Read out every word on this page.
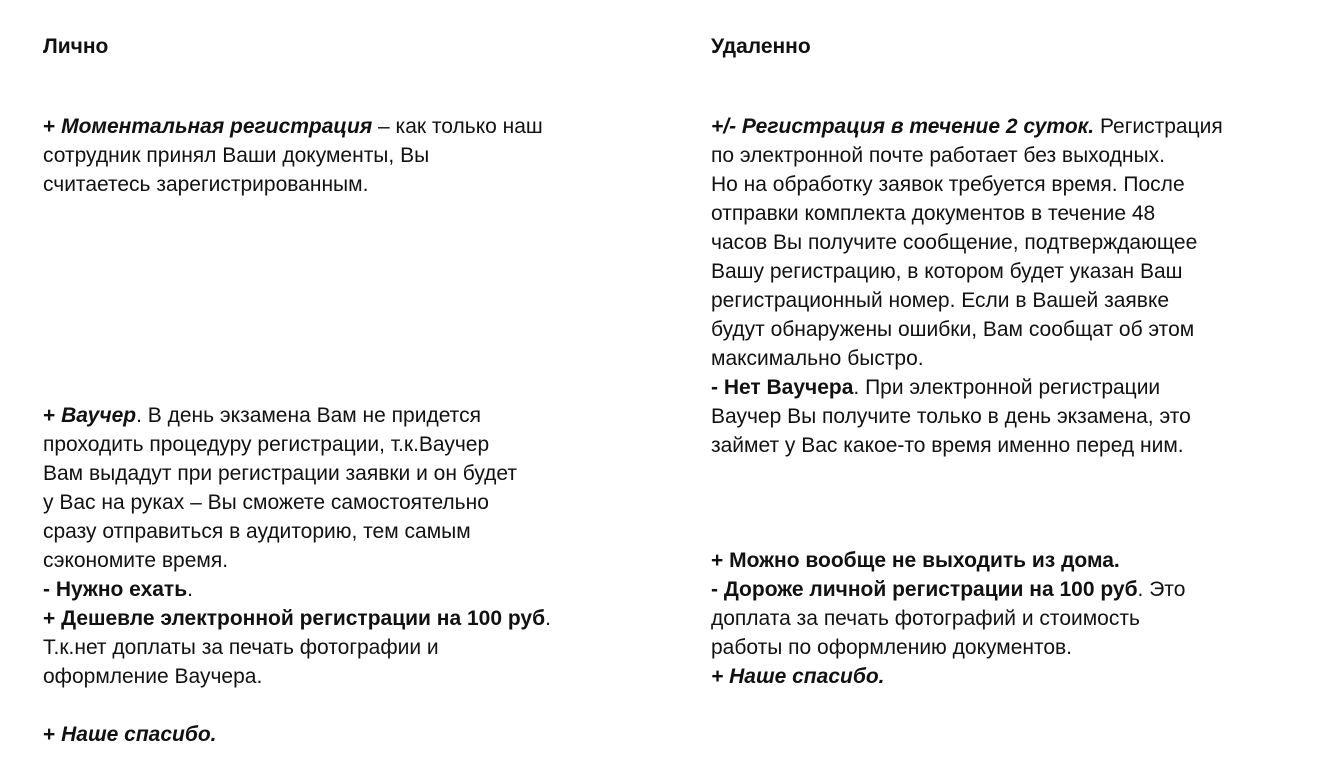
Лично

+ Моментальная регистрация – как только наш
сотрудник принял Ваши документы, Вы
считаетесь зарегистрированным.

+ Ваучер. В день экзамена Вам не придется
проходить процедуру регистрации, т.к.Ваучер
Вам выдадут при регистрации заявки и он будет
у Вас на руках – Вы сможете самостоятельно
сразу отправиться в аудиторию, тем самым
сэкономите время.
- Нужно ехать.
+ Дешевле электронной регистрации на 100 руб.
Т.к.нет доплаты за печать фотографии и
оформление Ваучера.

+ Наше спасибо.

Удаленно

+/- Регистрация в течение 2 суток. Регистрация
по электронной почте работает без выходных.
Но на обработку заявок требуется время. После
отправки комплекта документов в течение 48
часов Вы получите сообщение, подтверждающее
Вашу регистрацию, в котором будет указан Ваш
регистрационный номер. Если в Вашей заявке
будут обнаружены ошибки, Вам сообщат об этом
максимально быстро.
- Нет Ваучера. При электронной регистрации
Ваучер Вы получите только в день экзамена, это
займет у Вас какое-то время именно перед ним.

+ Можно вообще не выходить из дома.
- Дороже личной регистрации на 100 руб. Это
доплата за печать фотографий и стоимость
работы по оформлению документов.
+ Наше спасибо.
